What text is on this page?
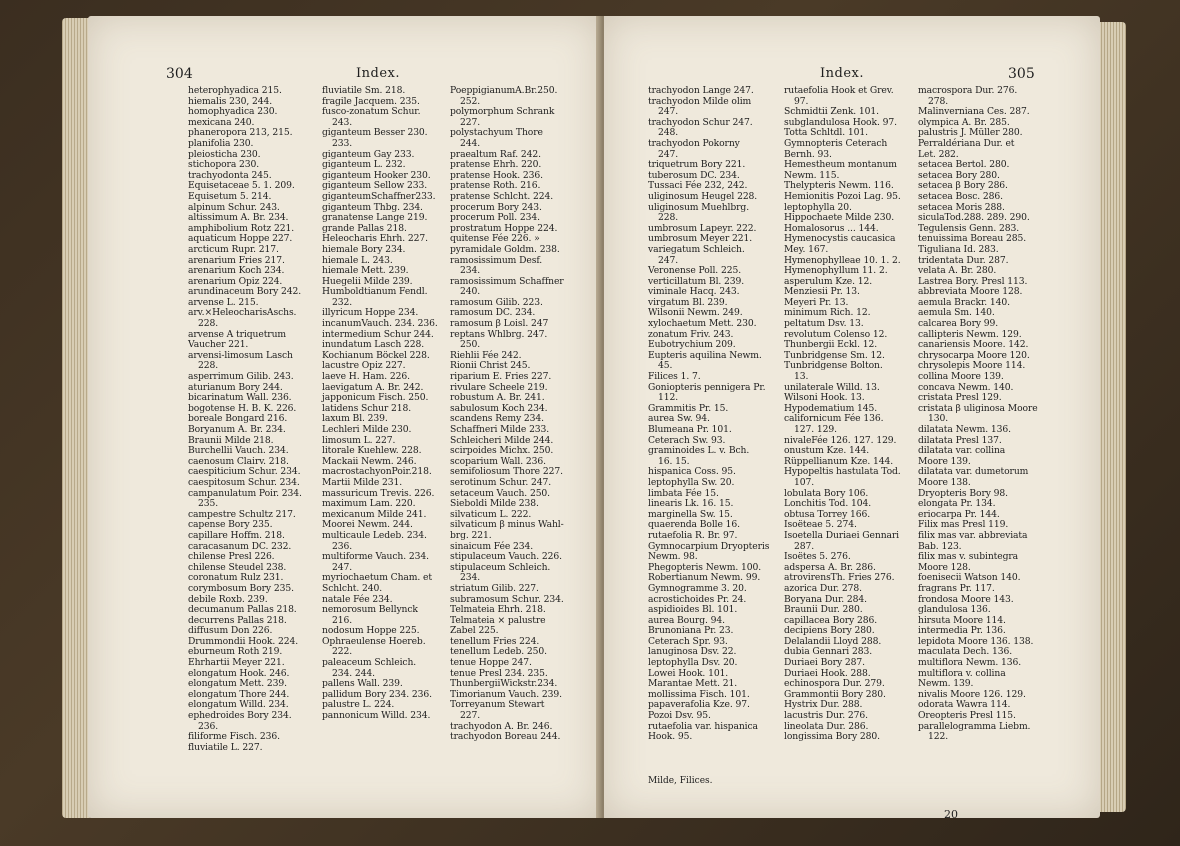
304	Index.
heterophyadica 215.
hiemalis 230, 244.
homophyadica 230.
mexicana 240.
phaneropora 213, 215.
planifolia 230.
pleiosticha 230.
stichopora 230.
trachyodonta 245.
Equisetaceae 5. 1. 209.
Equisetum 5. 214.
alpinum Schur. 243.
altissimum A. Br. 234.
amphibolium Rotz 221.
aquaticum Hoppe 227.
arcticum Rupr. 217.
arenarium Fries 217.
arenarium Koch 234.
arenarium Opiz 224.
arundinaceum Bory 242.
arvense L. 215.
arv.×HeleocharisAschs.
228.
arvense A triquetrum
Vaucher 221.
arvensi-limosum Lasch
228.
asperrimum Gilib. 243.
aturianum Bory 244.
bicarinatum Wall. 236.
bogotense H. B. K. 226.
boreale Bongard 216.
Boryanum A. Br. 234.
Braunii Milde 218.
Burchellii Vauch. 234.
caenosum Clairv. 218.
caespiticium Schur. 234.
caespitosum Schur. 234.
campanulatum Poir. 234.
235.
campestre Schultz 217.
capense Bory 235.
capillare Hoffm. 218.
caracasanum DC. 232.
chilense Presl 226.
chilense Steudel 238.
coronatum Rulz 231.
corymbosum Bory 235.
debile Roxb. 239.
decumanum Pallas 218.
decurrens Pallas 218.
diffusum Don 226.
Drummondii Hook. 224.
eburneum Roth 219.
Ehrhartii Meyer 221.
elongatum Hook. 246.
elongatum Mett. 239.
elongatum Thore 244.
elongatum Willd. 234.
ephedroides Bory 234.
236.
filiforme Fisch. 236.
fluviatile L. 227.
fluviatile Sm. 218.
fragile Jacquem. 235.
fusco-zonatum Schur.
243.
giganteum Besser 230.
233.
giganteum Gay 233.
giganteum L. 232.
giganteum Hooker 230.
giganteum Sellow 233.
giganteumSchaffner233.
giganteum Thbg. 234.
granatense Lange 219.
grande Pallas 218.
Heleocharis Ehrh. 227.
hiemale Bory 234.
hiemale L. 243.
hiemale Mett. 239.
Huegelii Milde 239.
Humboldtianum Fendl.
232.
illyricum Hoppe 234.
incanumVauch. 234. 236.
intermedium Schur 244.
inundatum Lasch 228.
Kochianum Böckel 228.
lacustre Opiz 227.
laeve H. Ham. 226.
laevigatum A. Br. 242.
japponicum Fisch. 250.
latidens Schur 218.
laxum Bl. 239.
Lechleri Milde 230.
limosum L. 227.
litorale Kuehlew. 228.
Mackaii Newm. 246.
macrostachyonPoir.218.
Martii Milde 231.
massuricum Trevis. 226.
maximum Lam. 220.
mexicanum Milde 241.
Moorei Newm. 244.
multicaule Ledeb. 234.
236.
multiforme Vauch. 234.
247.
myriochaetum Cham. et
Schlcht. 240.
natale Fée 234.
nemorosum Bellynck
216.
nodosum Hoppe 225.
Ophraeulense Hoereb.
222.
paleaceum Schleich.
234. 244.
pallens Wall. 239.
pallidum Bory 234. 236.
palustre L. 224.
pannonicum Willd. 234.
PoeppigianumA.Br.250.
252.
polymorphum Schrank
227.
polystachyum Thore
244.
praealtum Raf. 242.
pratense Ehrh. 220.
pratense Hook. 236.
pratense Roth. 216.
pratense Schlcht. 224.
procerum Bory 243.
procerum Poll. 234.
prostratum Hoppe 224.
quitense Fée 226. »
pyramidale Goldm. 238.
ramosissimum Desf.
234.
ramosissimum Schaffner
240.
ramosum Gilib. 223.
ramosum DC. 234.
ramosum β Loisl. 247
reptans Whlbrg. 247.
250.
Riehlii Fée 242.
Rionii Christ 245.
riparium E. Fries 227.
rivulare Scheele 219.
robustum A. Br. 241.
sabulosum Koch 234.
scandens Remy 234.
Schaffneri Milde 233.
Schleicheri Milde 244.
scirpoides Michx. 250.
scoparium Wall. 236.
semifoliosum Thore 227.
serotinum Schur. 247.
setaceum Vauch. 250.
Sieboldi Milde 238.
silvaticum L. 222.
silvaticum β minus Wahl-
brg. 221.
sinaicum Fée 234.
stipulaceum Vauch. 226.
stipulaceum Schleich.
234.
striatum Gilib. 227.
subramosum Schur. 234.
Telmateia Ehrh. 218.
Telmateia × palustre
Zabel 225.
tenellum Fries 224.
tenellum Ledeb. 250.
tenue Hoppe 247.
tenue Presl 234. 235.
ThunbergiiWickstr.234.
Timorianum Vauch. 239.
Torreyanum Stewart
227.
trachyodon A. Br. 246.
trachyodon Boreau 244.
Index.	305
trachyodon Lange 247.
trachyodon Milde olim
247.
trachyodon Schur 247.
248.
trachyodon Pokorny
247.
triquetrum Bory 221.
tuberosum DC. 234.
Tussaci Fée 232, 242.
uliginosum Heugel 228.
uliginosum Muehlbrg.
228.
umbrosum Lapeyr. 222.
umbrosum Meyer 221.
variegatum Schleich.
247.
Veronense Poll. 225.
verticillatum Bl. 239.
viminale Hacq. 243.
virgatum Bl. 239.
Wilsonii Newm. 249.
xylochaetum Mett. 230.
zonatum Friv. 243.
Eubotrychium 209.
Eupteris aquilina Newm.
45.
Filices 1. 7.
Goniopteris pennigera Pr.
112.
Grammitis Pr. 15.
aurea Sw. 94.
Blumeana Pr. 101.
Ceterach Sw. 93.
graminoides L. v. Bch.
16. 15.
hispanica Coss. 95.
leptophylla Sw. 20.
limbata Fée 15.
linearis Lk. 16. 15.
marginella Sw. 15.
quaerenda Bolle 16.
rutaefolia R. Br. 97.
Gymnocarpium Dryopteris
Newm. 98.
Phegopteris Newm. 100.
Robertianum Newm. 99.
Gymnogramme 3. 20.
acrostichoides Pr. 24.
aspidioides Bl. 101.
aurea Bourg. 94.
Brunoniana Pr. 23.
Ceterach Spr. 93.
lanuginosa Dsv. 22.
leptophylla Dsv. 20.
Lowei Hook. 101.
Marantae Mett. 21.
mollissima Fisch. 101.
papaverafolia Kze. 97.
Pozoi Dsv. 95.
rutaefolia var. hispanica
Hook. 95.
rutaefolia Hook et Grev.
97.
Schmidtii Zenk. 101.
subglandulosa Hook. 97.
Totta Schltdl. 101.
Gymnopteris Ceterach
Bernh. 93.
Hemestheum montanum
Newm. 115.
Thelypteris Newm. 116.
Hemionitis Pozoi Lag. 95.
leptophylla 20.
Hippochaete Milde 230.
Homalosorus ... 144.
Hymenocystis caucasica
Mey. 167.
Hymenophylleae 10. 1. 2.
Hymenophyllum 11. 2.
asperulum Kze. 12.
Menziesii Pr. 13.
Meyeri Pr. 13.
minimum Rich. 12.
peltatum Dsv. 13.
revolutum Colenso 12.
Thunbergii Eckl. 12.
Tunbridgense Sm. 12.
Tunbridgense Bolton.
13.
unilaterale Willd. 13.
Wilsoni Hook. 13.
Hypodematium 145.
californicum Fée 136.
127. 129.
nivaleFée 126. 127. 129.
onustum Kze. 144.
Rüppellianum Kze. 144.
Hypopeltis hastulata Tod.
107.
lobulata Bory 106.
Lonchitis Tod. 104.
obtusa Torrey 166.
Isoëteae 5. 274.
Isoetella Duriaei Gennari
287.
Isoëtes 5. 276.
adspersa A. Br. 286.
atrovirensTh. Fries 276.
azorica Dur. 278.
Boryana Dur. 284.
Braunii Dur. 280.
capillacea Bory 286.
decipiens Bory 280.
Delalandii Lloyd 288.
dubia Gennari 283.
Duriaei Bory 287.
Duriaei Hook. 288.
echinospora Dur. 279.
Grammontii Bory 280.
Hystrix Dur. 288.
lacustris Dur. 276.
lineolata Dur. 286.
longissima Bory 280.
macrospora Dur. 276.
278.
Malinverniana Ces. 287.
olympica A. Br. 285.
palustris J. Müller 280.
Perraldériana Dur. et
Let. 282.
setacea Bertol. 280.
setacea Bory 280.
setacea β Bory 286.
setacea Bosc. 286.
setacea Moris 288.
siculaTod.288. 289. 290.
Tegulensis Genn. 283.
tenuissima Boreau 285.
Tiguliana Id. 283.
tridentata Dur. 287.
velata A. Br. 280.
Lastrea Bory. Presl 113.
abbreviata Moore 128.
aemula Brackr. 140.
aemula Sm. 140.
calcarea Bory 99.
callipteris Newm. 129.
canariensis Moore. 142.
chrysocarpa Moore 120.
chrysolepis Moore 114.
collina Moore 139.
concava Newm. 140.
cristata Presl 129.
cristata β uliginosa Moore
130.
dilatata Newm. 136.
dilatata Presl 137.
dilatata var. collina
Moore 139.
dilatata var. dumetorum
Moore 138.
Dryopteris Bory 98.
elongata Pr. 134.
eriocarpa Pr. 144.
Filix mas Presl 119.
filix mas var. abbreviata
Bab. 123.
filix mas v. subintegra
Moore 128.
foenisecii Watson 140.
fragrans Pr. 117.
frondosa Moore 143.
glandulosa 136.
hirsuta Moore 114.
intermedia Pr. 136.
lepidota Moore 136. 138.
maculata Dech. 136.
multiflora Newm. 136.
multiflora v. collina
Newm. 139.
nivalis Moore 126. 129.
odorata Wawra 114.
Oreopteris Presl 115.
parallelogramma Liebm.
122.
Milde, Filices.
20
